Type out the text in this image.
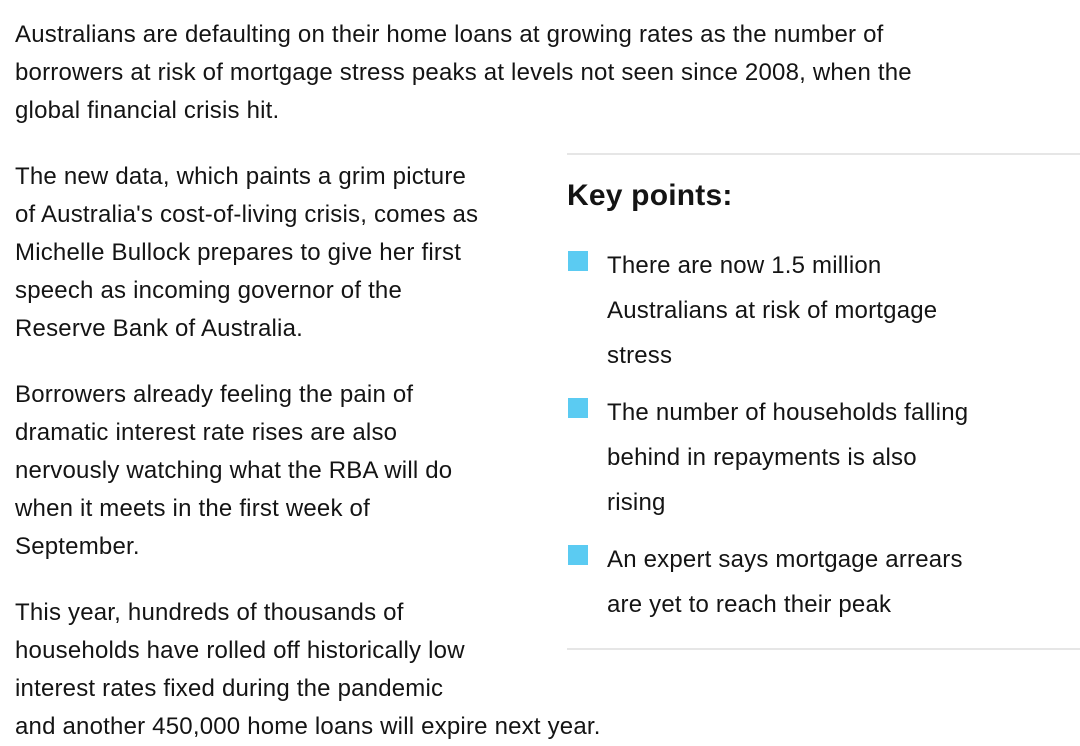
Australians are defaulting on their home loans at growing rates as the number of borrowers at risk of mortgage stress peaks at levels not seen since 2008, when the global financial crisis hit.

Key points:
There are now 1.5 million Australians at risk of mortgage stress
The number of households falling behind in repayments is also rising
An expert says mortgage arrears are yet to reach their peak

The new data, which paints a grim picture of Australia's cost-of-living crisis, comes as Michelle Bullock prepares to give her first speech as incoming governor of the Reserve Bank of Australia.

Borrowers already feeling the pain of dramatic interest rate rises are also nervously watching what the RBA will do when it meets in the first week of September.

This year, hundreds of thousands of households have rolled off historically low interest rates fixed during the pandemic and another 450,000 home loans will expire next year.
